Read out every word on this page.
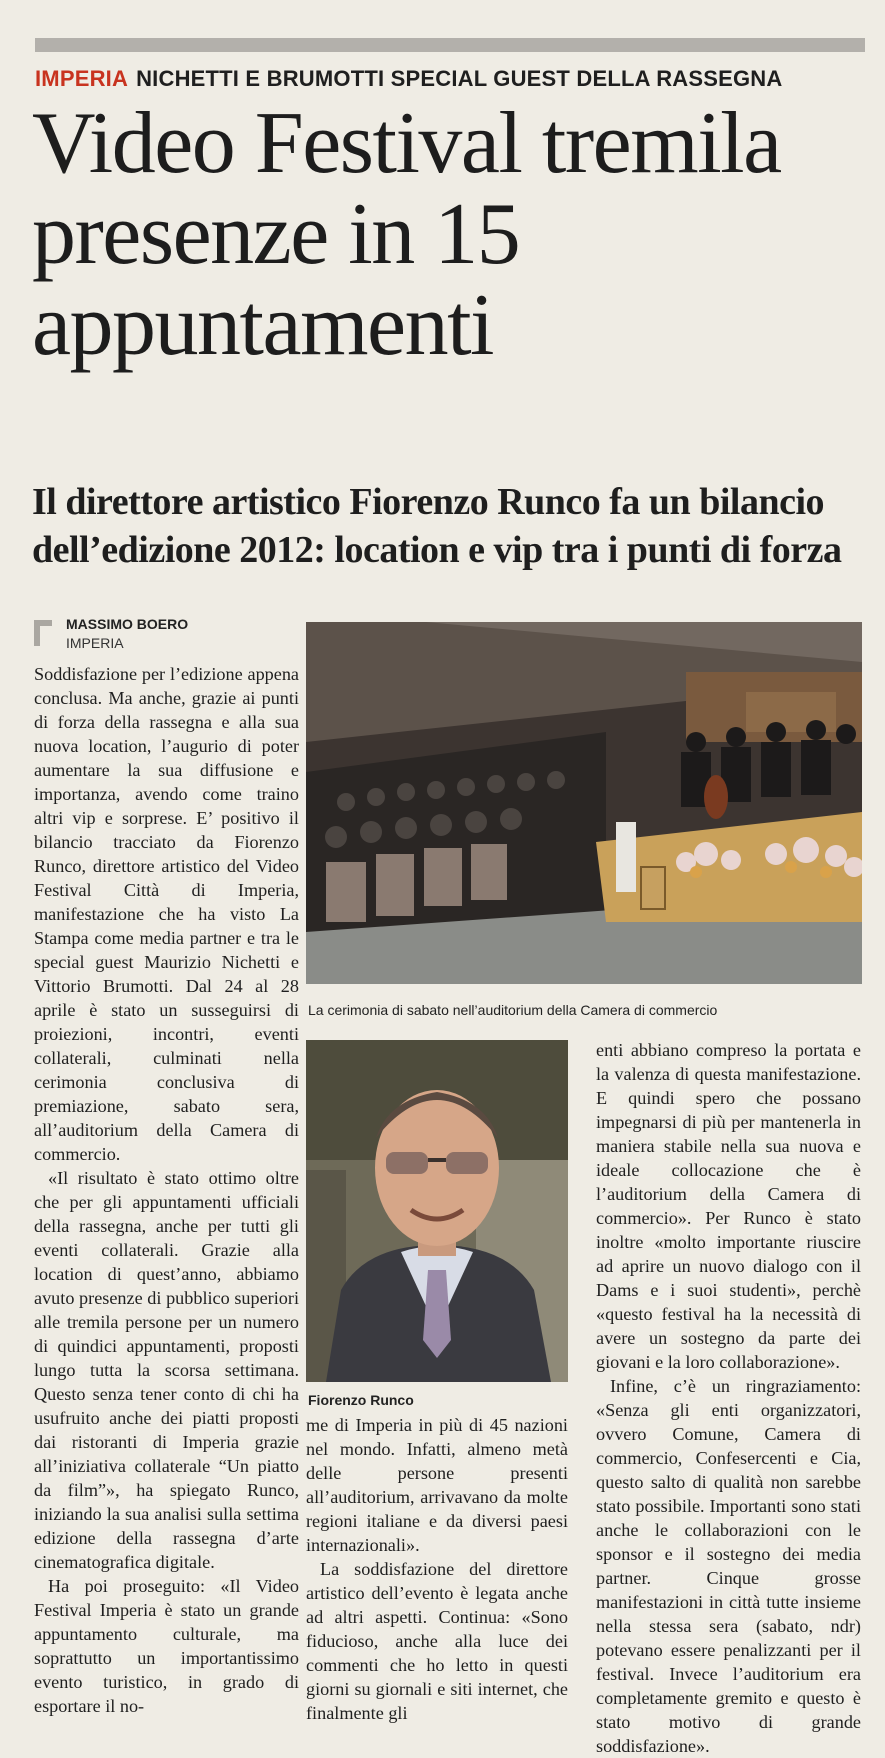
IMPERIA NICHETTI E BRUMOTTI SPECIAL GUEST DELLA RASSEGNA
Video Festival tremila presenze in 15 appuntamenti
Il direttore artistico Fiorenzo Runco fa un bilancio dell’edizione 2012: location e vip tra i punti di forza
MASSIMO BOERO
IMPERIA

Soddisfazione per l’edizione appena conclusa. Ma anche, grazie ai punti di forza della rassegna e alla sua nuova location, l’augurio di poter aumentare la sua diffusione e importanza, avendo come traino altri vip e sorprese. E’ positivo il bilancio tracciato da Fiorenzo Runco, direttore artistico del Video Festival Città di Imperia, manifestazione che ha visto La Stampa come media partner e tra le special guest Maurizio Nichetti e Vittorio Brumotti. Dal 24 al 28 aprile è stato un susseguirsi di proiezioni, incontri, eventi collaterali, culminati nella cerimonia conclusiva di premiazione, sabato sera, all’auditorium della Camera di commercio.

«Il risultato è stato ottimo oltre che per gli appuntamenti ufficiali della rassegna, anche per tutti gli eventi collaterali. Grazie alla location di quest’anno, abbiamo avuto presenze di pubblico superiori alle tremila persone per un numero di quindici appuntamenti, proposti lungo tutta la scorsa settimana. Questo senza tener conto di chi ha usufruito anche dei piatti proposti dai ristoranti di Imperia grazie all’iniziativa collaterale “Un piatto da film”», ha spiegato Runco, iniziando la sua analisi sulla settima edizione della rassegna d’arte cinematografica digitale.

Ha poi proseguito: «Il Video Festival Imperia è stato un grande appuntamento culturale, ma soprattutto un importantissimo evento turistico, in grado di esportare il no-

La cerimonia di sabato nell’auditorium della Camera di commercio
Fiorenzo Runco

me di Imperia in più di 45 nazioni nel mondo. Infatti, almeno metà delle persone presenti all’auditorium, arrivavano da molte regioni italiane e da diversi paesi internazionali».

La soddisfazione del direttore artistico dell’evento è legata anche ad altri aspetti. Continua: «Sono fiducioso, anche alla luce dei commenti che ho letto in questi giorni su giornali e siti internet, che finalmente gli

enti abbiano compreso la portata e la valenza di questa manifestazione. E quindi spero che possano impegnarsi di più per mantenerla in maniera stabile nella sua nuova e ideale collocazione che è l’auditorium della Camera di commercio». Per Runco è stato inoltre «molto importante riuscire ad aprire un nuovo dialogo con il Dams e i suoi studenti», perchè «questo festival ha la necessità di avere un sostegno da parte dei giovani e la loro collaborazione».

Infine, c’è un ringraziamento: «Senza gli enti organizzatori, ovvero Comune, Camera di commercio, Confesercenti e Cia, questo salto di qualità non sarebbe stato possibile. Importanti sono stati anche le collaborazioni con le sponsor e il sostegno dei media partner. Cinque grosse manifestazioni in città tutte insieme nella stessa sera (sabato, ndr) potevano essere penalizzanti per il festival. Invece l’auditorium era completamente gremito e questo è stato motivo di grande soddisfazione».
